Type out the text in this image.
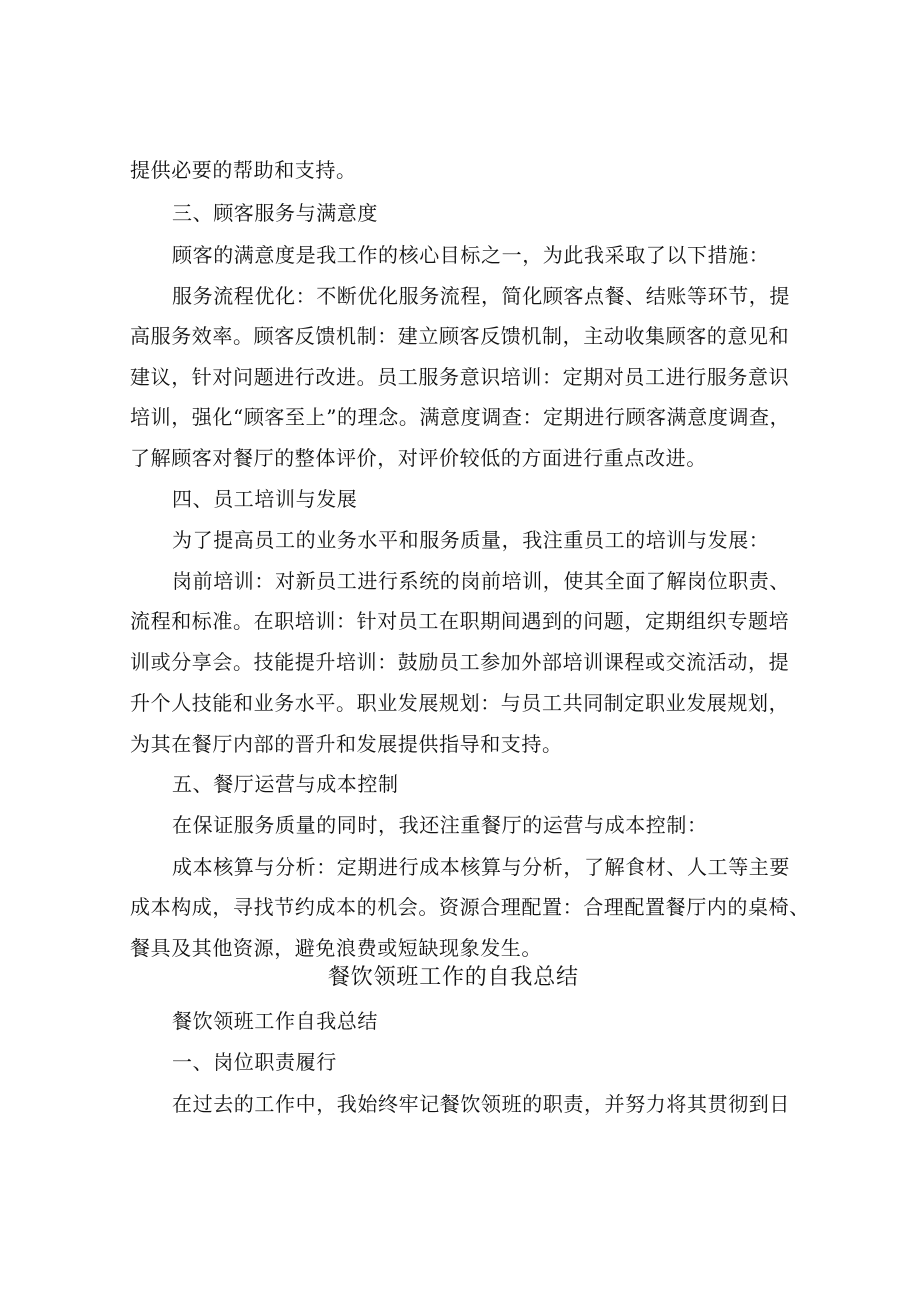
提供必要的帮助和支持。
三、顾客服务与满意度
顾客的满意度是我工作的核心目标之一，为此我采取了以下措施：
服务流程优化：不断优化服务流程，简化顾客点餐、结账等环节，提
高服务效率。顾客反馈机制：建立顾客反馈机制，主动收集顾客的意见和
建议，针对问题进行改进。员工服务意识培训：定期对员工进行服务意识
培训，强化“顾客至上”的理念。满意度调查：定期进行顾客满意度调查，
了解顾客对餐厅的整体评价，对评价较低的方面进行重点改进。
四、员工培训与发展
为了提高员工的业务水平和服务质量，我注重员工的培训与发展：
岗前培训：对新员工进行系统的岗前培训，使其全面了解岗位职责、
流程和标准。在职培训：针对员工在职期间遇到的问题，定期组织专题培
训或分享会。技能提升培训：鼓励员工参加外部培训课程或交流活动，提
升个人技能和业务水平。职业发展规划：与员工共同制定职业发展规划，
为其在餐厅内部的晋升和发展提供指导和支持。
五、餐厅运营与成本控制
在保证服务质量的同时，我还注重餐厅的运营与成本控制：
成本核算与分析：定期进行成本核算与分析，了解食材、人工等主要
成本构成，寻找节约成本的机会。资源合理配置：合理配置餐厅内的桌椅、
餐具及其他资源，避免浪费或短缺现象发生。
餐饮领班工作的自我总结
餐饮领班工作自我总结
一、岗位职责履行
在过去的工作中，我始终牢记餐饮领班的职责，并努力将其贯彻到日
